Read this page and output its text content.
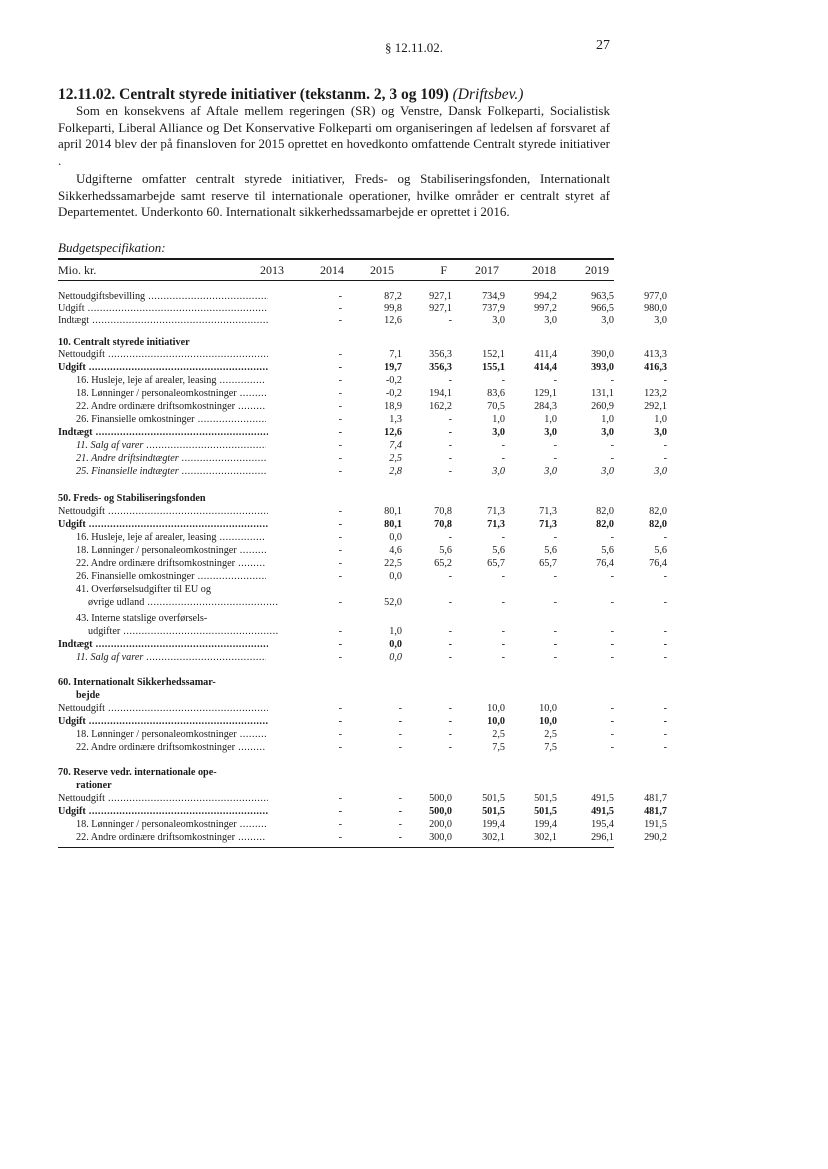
§ 12.11.02.	27
12.11.02. Centralt styrede initiativer (tekstanm. 2, 3 og 109) (Driftsbev.)
Som en konsekvens af Aftale mellem regeringen (SR) og Venstre, Dansk Folkeparti, Socialistisk Folkeparti, Liberal Alliance og Det Konservative Folkeparti om organiseringen af ledelsen af forsvaret af april 2014 blev der på finansloven for 2015 oprettet en hovedkonto omfattende Centralt styrede initiativer .
Udgifterne omfatter centralt styrede initiativer, Freds- og Stabiliseringsfonden, Internationalt Sikkerhedssamarbejde samt reserve til internationale operationer, hvilke områder er centralt styret af Departementet. Underkonto 60. Internationalt sikkerhedssamarbejde er oprettet i 2016.
Budgetspecifikation:
Mio. kr.	2013	2014	2015	F	2017	2018	2019
Nettoudgiftsbevilling .....	-	87,2	927,1	734,9	994,2	963,5	977,0
Udgift .....	-	99,8	927,1	737,9	997,2	966,5	980,0
Indtægt .....	-	12,6	-	3,0	3,0	3,0	3,0
10. Centralt styrede initiativer
Nettoudgift .....	-	7,1	356,3	152,1	411,4	390,0	413,3
Udgift .....	-	19,7	356,3	155,1	414,4	393,0	416,3
16. Husleje, leje af arealer, leasing .....	-	-0,2	-	-	-	-	-
18. Lønninger / personaleomkostninger .....	-	-0,2	194,1	83,6	129,1	131,1	123,2
22. Andre ordinære driftsomkostninger .....	-	18,9	162,2	70,5	284,3	260,9	292,1
26. Finansielle omkostninger .....	-	1,3	-	1,0	1,0	1,0	1,0
Indtægt .....	-	12,6	-	3,0	3,0	3,0	3,0
11. Salg af varer .....	-	7,4	-	-	-	-	-
21. Andre driftsindtægter .....	-	2,5	-	-	-	-	-
25. Finansielle indtægter .....	-	2,8	-	3,0	3,0	3,0	3,0
50. Freds- og Stabiliseringsfonden
Nettoudgift .....	-	80,1	70,8	71,3	71,3	82,0	82,0
Udgift .....	-	80,1	70,8	71,3	71,3	82,0	82,0
16. Husleje, leje af arealer, leasing .....	-	0,0	-	-	-	-	-
18. Lønninger / personaleomkostninger .....	-	4,6	5,6	5,6	5,6	5,6	5,6
22. Andre ordinære driftsomkostninger .....	-	22,5	65,2	65,7	65,7	76,4	76,4
26. Finansielle omkostninger .....	-	0,0	-	-	-	-	-
41. Overførselsudgifter til EU og
øvrige udland .....	-	52,0	-	-	-	-	-
43. Interne statslige overførsels-
udgifter .....	-	1,0	-	-	-	-	-
Indtægt .....	-	0,0	-	-	-	-	-
11. Salg af varer .....	-	0,0	-	-	-	-	-
60. Internationalt Sikkerhedssamar-
bejde
Nettoudgift .....	-	-	-	10,0	10,0	-	-
Udgift .....	-	-	-	10,0	10,0	-	-
18. Lønninger / personaleomkostninger .....	-	-	-	2,5	2,5	-	-
22. Andre ordinære driftsomkostninger .....	-	-	-	7,5	7,5	-	-
70. Reserve vedr. internationale ope-
rationer
Nettoudgift .....	-	-	500,0	501,5	501,5	491,5	481,7
Udgift .....	-	-	500,0	501,5	501,5	491,5	481,7
18. Lønninger / personaleomkostninger .....	-	-	200,0	199,4	199,4	195,4	191,5
22. Andre ordinære driftsomkostninger .....	-	-	300,0	302,1	302,1	296,1	290,2
